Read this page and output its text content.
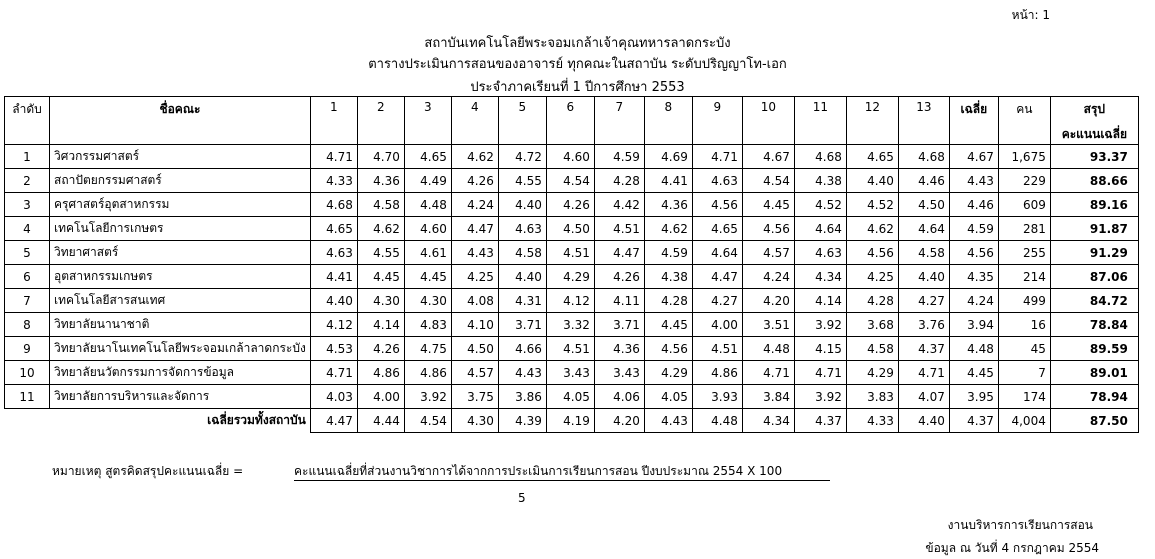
หน้า: 1
สถาบันเทคโนโลยีพระจอมเกล้าเจ้าคุณทหารลาดกระบัง
ตารางประเมินการสอนของอาจารย์ ทุกคณะในสถาบัน ระดับปริญญาโท-เอก
ประจำภาคเรียนที่ 1 ปีการศึกษา 2553
ลำดับ	ชื่อคณะ	1	2	3	4	5	6	7	8	9	10	11	12	13	เฉลี่ย	คน	สรุป
คะแนนเฉลี่ย

1	วิศวกรรมศาสตร์	4.71	4.70	4.65	4.62	4.72	4.60	4.59	4.69	4.71	4.67	4.68	4.65	4.68	4.67	1,675	93.37
2	สถาปัตยกรรมศาสตร์	4.33	4.36	4.49	4.26	4.55	4.54	4.28	4.41	4.63	4.54	4.38	4.40	4.46	4.43	229	88.66
3	ครุศาสตร์อุตสาหกรรม	4.68	4.58	4.48	4.24	4.40	4.26	4.42	4.36	4.56	4.45	4.52	4.52	4.50	4.46	609	89.16
4	เทคโนโลยีการเกษตร	4.65	4.62	4.60	4.47	4.63	4.50	4.51	4.62	4.65	4.56	4.64	4.62	4.64	4.59	281	91.87
5	วิทยาศาสตร์	4.63	4.55	4.61	4.43	4.58	4.51	4.47	4.59	4.64	4.57	4.63	4.56	4.58	4.56	255	91.29
6	อุตสาหกรรมเกษตร	4.41	4.45	4.45	4.25	4.40	4.29	4.26	4.38	4.47	4.24	4.34	4.25	4.40	4.35	214	87.06
7	เทคโนโลยีสารสนเทศ	4.40	4.30	4.30	4.08	4.31	4.12	4.11	4.28	4.27	4.20	4.14	4.28	4.27	4.24	499	84.72
8	วิทยาลัยนานาชาติ	4.12	4.14	4.83	4.10	3.71	3.32	3.71	4.45	4.00	3.51	3.92	3.68	3.76	3.94	16	78.84
9	วิทยาลัยนาโนเทคโนโลยีพระจอมเกล้าลาดกระบัง	4.53	4.26	4.75	4.50	4.66	4.51	4.36	4.56	4.51	4.48	4.15	4.58	4.37	4.48	45	89.59
10	วิทยาลัยนวัตกรรมการจัดการข้อมูล	4.71	4.86	4.86	4.57	4.43	3.43	3.43	4.29	4.86	4.71	4.71	4.29	4.71	4.45	7	89.01
11	วิทยาลัยการบริหารและจัดการ	4.03	4.00	3.92	3.75	3.86	4.05	4.06	4.05	3.93	3.84	3.92	3.83	4.07	3.95	174	78.94
เฉลี่ยรวมทั้งสถาบัน		4.47	4.44	4.54	4.30	4.39	4.19	4.20	4.43	4.48	4.34	4.37	4.33	4.40	4.37	4,004	87.50
หมายเหตุ สูตรคิดสรุปคะแนนเฉลี่ย =	คะแนนเฉลี่ยที่ส่วนงานวิชาการได้จากการประเมินการเรียนการสอน ปีงบประมาณ 2554 X 100
5
งานบริหารการเรียนการสอน
ข้อมูล ณ วันที่ 4 กรกฎาคม 2554
